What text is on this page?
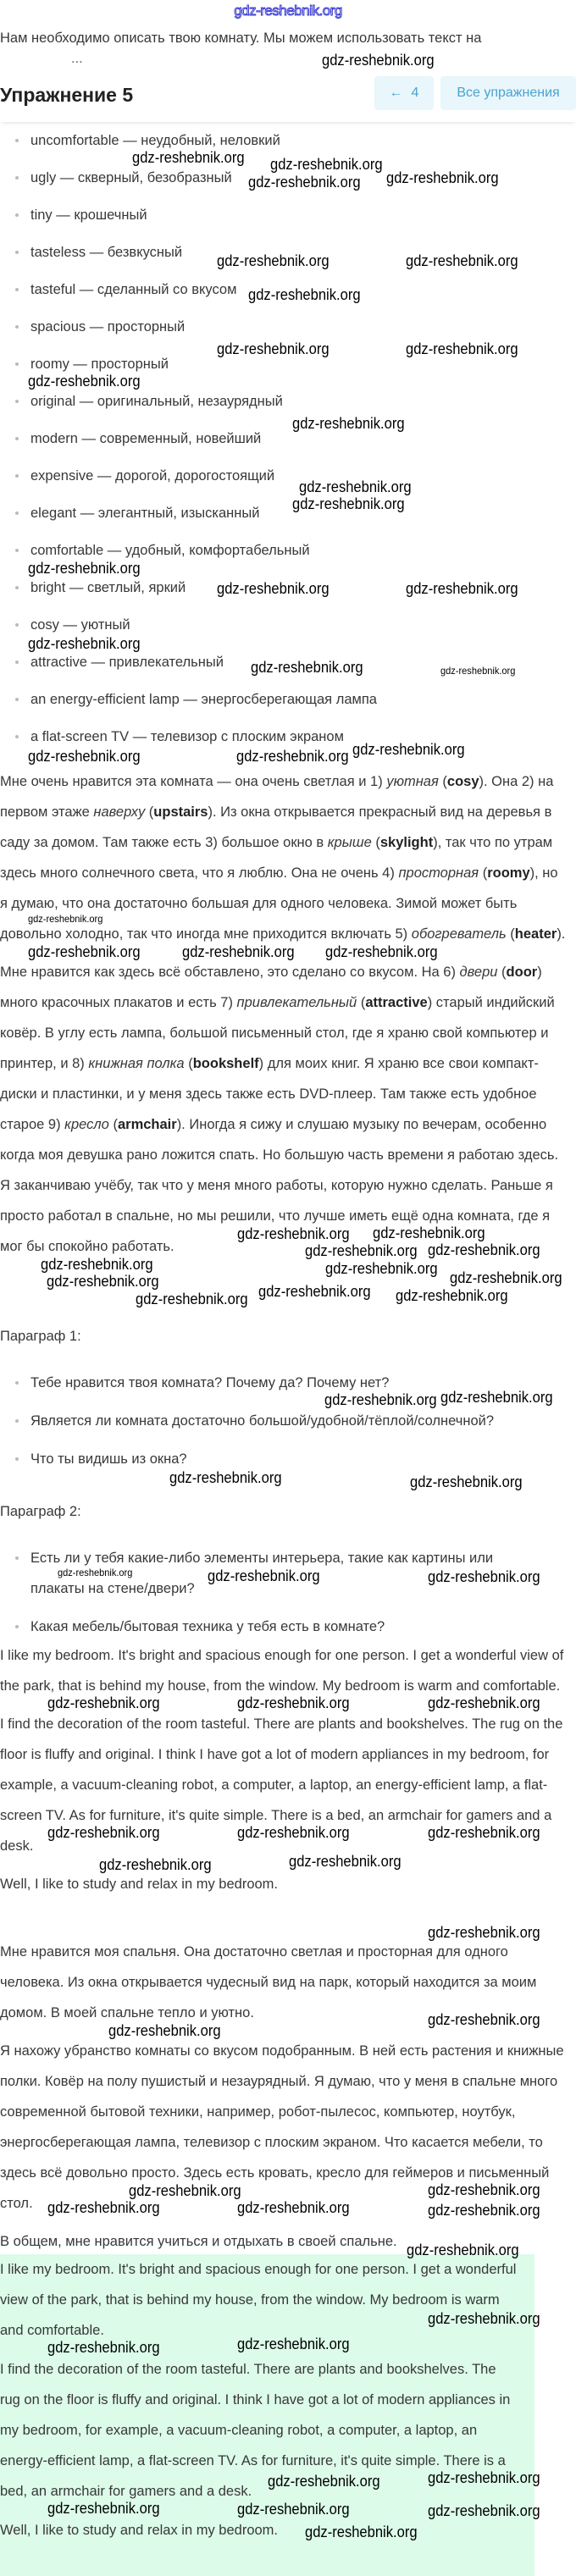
gdz-reshebnik.org
Нам необходимо описать твою комнату. Мы можем использовать текст на
...
Упражнение 5	← 4	Все упражнения
uncomfortable — неудобный, неловкий
ugly — скверный, безобразный
tiny — крошечный
tasteless — безвкусный
tasteful — сделанный со вкусом
spacious — просторный
roomy — просторный
original — оригинальный, незаурядный
modern — современный, новейший
expensive — дорогой, дорогостоящий
elegant — элегантный, изысканный
comfortable — удобный, комфортабельный
bright — светлый, яркий
cosy — уютный
attractive — привлекательный
an energy-efficient lamp — энергосберегающая лампа
a flat-screen TV — телевизор с плоским экраном

Мне очень нравится эта комната — она очень светлая и 1) уютная (cosy). Она 2) на первом этаже наверху (upstairs). Из окна открывается прекрасный вид на деревья в саду за домом. Там также есть 3) большое окно в крыше (skylight), так что по утрам здесь много солнечного света, что я люблю. Она не очень 4) просторная (roomy), но я думаю, что она достаточно большая для одного человека. Зимой может быть довольно холодно, так что иногда мне приходится включать 5) обогреватель (heater).

Мне нравится как здесь всё обставлено, это сделано со вкусом. На 6) двери (door) много красочных плакатов и есть 7) привлекательный (attractive) старый индийский ковёр. В углу есть лампа, большой письменный стол, где я храню свой компьютер и принтер, и 8) книжная полка (bookshelf) для моих книг. Я храню все свои компакт-диски и пластинки, и у меня здесь также есть DVD-плеер. Там также есть удобное старое 9) кресло (armchair). Иногда я сижу и слушаю музыку по вечерам, особенно когда моя девушка рано ложится спать. Но большую часть времени я работаю здесь. Я заканчиваю учёбу, так что у меня много работы, которую нужно сделать. Раньше я просто работал в спальне, но мы решили, что лучше иметь ещё одна комната, где я мог бы спокойно работать.

Параграф 1:
Тебе нравится твоя комната? Почему да? Почему нет?
Является ли комната достаточно большой/удобной/тёплой/солнечной?
Что ты видишь из окна?
Параграф 2:
Есть ли у тебя какие-либо элементы интерьера, такие как картины или плакаты на стене/двери?
Какая мебель/бытовая техника у тебя есть в комнате?

I like my bedroom. It's bright and spacious enough for one person. I get a wonderful view of the park, that is behind my house, from the window. My bedroom is warm and comfortable.

I find the decoration of the room tasteful. There are plants and bookshelves. The rug on the floor is fluffy and original. I think I have got a lot of modern appliances in my bedroom, for example, a vacuum-cleaning robot, a computer, a laptop, an energy-efficient lamp, a flat-screen TV. As for furniture, it's quite simple. There is a bed, an armchair for gamers and a desk.

Well, I like to study and relax in my bedroom.

Мне нравится моя спальня. Она достаточно светлая и просторная для одного человека. Из окна открывается чудесный вид на парк, который находится за моим домом. В моей спальне тепло и уютно.

Я нахожу убранство комнаты со вкусом подобранным. В ней есть растения и книжные полки. Ковёр на полу пушистый и незаурядный. Я думаю, что у меня в спальне много современной бытовой техники, например, робот-пылесос, компьютер, ноутбук, энергосберегающая лампа, телевизор с плоским экраном. Что касается мебели, то здесь всё довольно просто. Здесь есть кровать, кресло для геймеров и письменный стол.

В общем, мне нравится учиться и отдыхать в своей спальне.

I like my bedroom. It's bright and spacious enough for one person. I get a wonderful view of the park, that is behind my house, from the window. My bedroom is warm and comfortable.

I find the decoration of the room tasteful. There are plants and bookshelves. The rug on the floor is fluffy and original. I think I have got a lot of modern appliances in my bedroom, for example, a vacuum-cleaning robot, a computer, a laptop, an energy-efficient lamp, a flat-screen TV. As for furniture, it's quite simple. There is a bed, an armchair for gamers and a desk.

Well, I like to study and relax in my bedroom.

gdz-reshebnik.org
gdz-reshebnik.org
gdz-reshebnik.org gdz-reshebnik.org
gdz-reshebnik.org
gdz-reshebnik.org	gdz-reshebnik.org
gdz-reshebnik.org
gdz-reshebnik.org	gdz-reshebnik.org
gdz-reshebnik.org
gdz-reshebnik.org
gdz-reshebnik.org
gdz-reshebnik.org
gdz-reshebnik.org
gdz-reshebnik.org	gdz-reshebnik.org
gdz-reshebnik.org
gdz-reshebnik.org	gdz-reshebnik.org
gdz-reshebnik.org	gdz-reshebnik.org
gdz-reshebnik.org
gdz-reshebnik.org	gdz-reshebnik.org
gdz-reshebnik.org
gdz-reshebnik.org
gdz-reshebnik.org
gdz-reshebnik.org
gdz-reshebnik.org
gdz-reshebnik.org
gdz-reshebnik.org
gdz-reshebnik.org
gdz-reshebnik.org
gdz-reshebnik.org
gdz-reshebnik.org gdz-reshebnik.org
gdz-reshebnik.org
gdz-reshebnik.org
gdz-reshebnik.org
gdz-reshebnik.org	gdz-reshebnik.org
gdz-reshebnik.org	gdz-reshebnik.org	gdz-reshebnik.org
gdz-reshebnik.org	gdz-reshebnik.org	gdz-reshebnik.org
gdz-reshebnik.org	gdz-reshebnik.org	gdz-reshebnik.org
gdz-reshebnik.org	gdz-reshebnik.org
gdz-reshebnik.org
gdz-reshebnik.org
gdz-reshebnik.org
gdz-reshebnik.org	gdz-reshebnik.org
gdz-reshebnik.org	gdz-reshebnik.org	gdz-reshebnik.org
gdz-reshebnik.org
gdz-reshebnik.org
gdz-reshebnik.org
gdz-reshebnik.org
gdz-reshebnik.org
gdz-reshebnik.org
gdz-reshebnik.org
gdz-reshebnik.org
gdz-reshebnik.org
gdz-reshebnik.org
